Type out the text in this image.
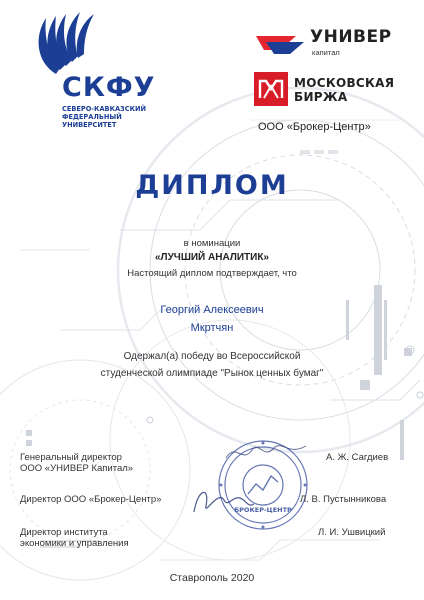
СКФУ
СЕВЕРО-КАВКАЗСКИЙ
ФЕДЕРАЛЬНЫЙ
УНИВЕРСИТЕТ
УНИВЕР
капитал
МОСКОВСКАЯ
БИРЖА
ООО «Брокер-Центр»
ДИПЛОМ
в номинации
«ЛУЧШИЙ АНАЛИТИК»
Настоящий диплом подтверждает, что
Георгий Алексеевич
Мкртчян
Одержал(а) победу во Всероссийской
студенческой олимпиаде "Рынок ценных бумаг"
БРОКЕР-ЦЕНТР
Генеральный директор
ООО «УНИВЕР Капитал»
А. Ж. Сагдиев
Директор ООО «Брокер-Центр»	Л. В. Пустынникова
Директор института
экономики и управления
Л. И. Ушвицкий
Ставрополь 2020
